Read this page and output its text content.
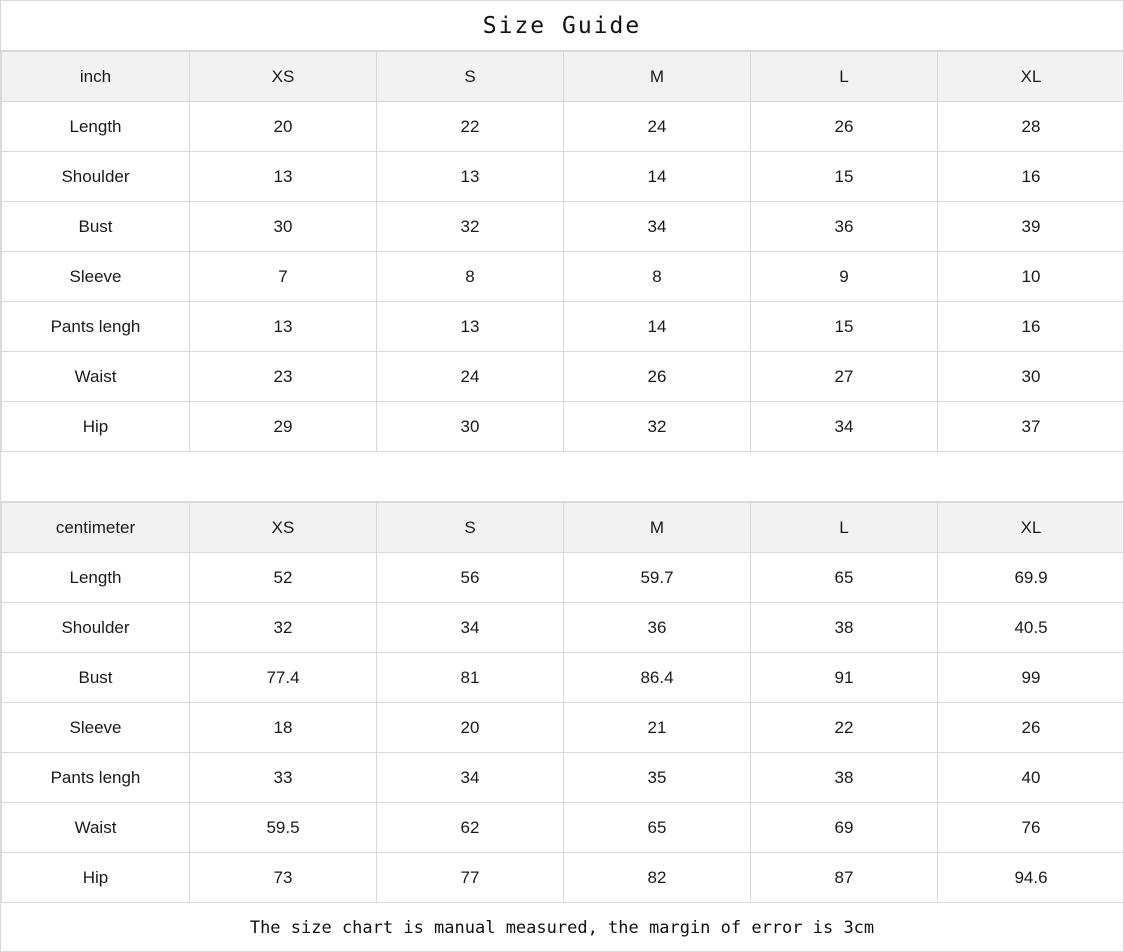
Size Guide
inch	XS	S	M	L	XL
Length	20	22	24	26	28
Shoulder	13	13	14	15	16
Bust	30	32	34	36	39
Sleeve	7	8	8	9	10
Pants lengh	13	13	14	15	16
Waist	23	24	26	27	30
Hip	29	30	32	34	37
centimeter	XS	S	M	L	XL
Length	52	56	59.7	65	69.9
Shoulder	32	34	36	38	40.5
Bust	77.4	81	86.4	91	99
Sleeve	18	20	21	22	26
Pants lengh	33	34	35	38	40
Waist	59.5	62	65	69	76
Hip	73	77	82	87	94.6
The size chart is manual measured, the margin of error is 3cm
